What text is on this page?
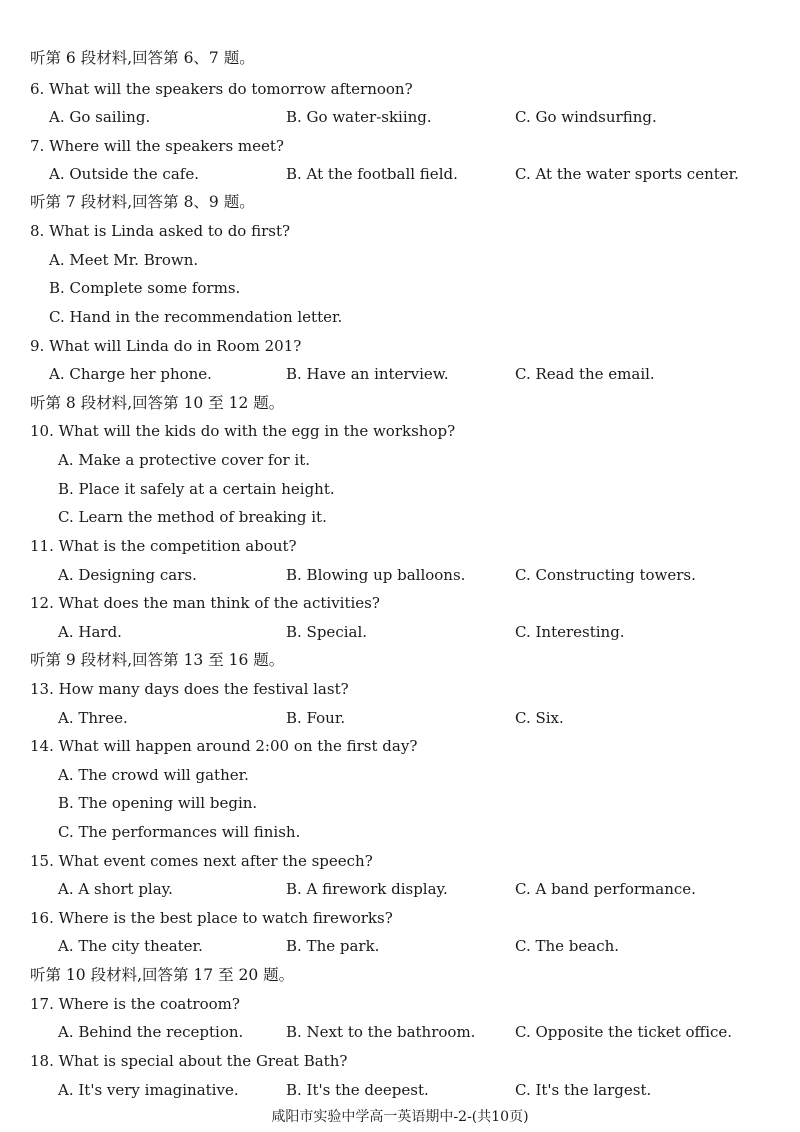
听第 6 段材料,回答第 6、7 题。
6. What will the speakers do tomorrow afternoon?
A. Go sailing.	B. Go water-skiing.	C. Go windsurfing.
7. Where will the speakers meet?
A. Outside the cafe.	B. At the football field.	C. At the water sports center.
听第 7 段材料,回答第 8、9 题。
8. What is Linda asked to do first?
A. Meet Mr. Brown.
B. Complete some forms.
C. Hand in the recommendation letter.
9. What will Linda do in Room 201?
A. Charge her phone.	B. Have an interview.	C. Read the email.
听第 8 段材料,回答第 10 至 12 题。
10. What will the kids do with the egg in the workshop?
A. Make a protective cover for it.
B. Place it safely at a certain height.
C. Learn the method of breaking it.
11. What is the competition about?
A. Designing cars.	B. Blowing up balloons.	C. Constructing towers.
12. What does the man think of the activities?
A. Hard.	B. Special.	C. Interesting.
听第 9 段材料,回答第 13 至 16 题。
13. How many days does the festival last?
A. Three.	B. Four.	C. Six.
14. What will happen around 2:00 on the first day?
A. The crowd will gather.
B. The opening will begin.
C. The performances will finish.
15. What event comes next after the speech?
A. A short play.	B. A firework display.	C. A band performance.
16. Where is the best place to watch fireworks?
A. The city theater.	B. The park.	C. The beach.
听第 10 段材料,回答第 17 至 20 题。
17. Where is the coatroom?
A. Behind the reception.	B. Next to the bathroom.	C. Opposite the ticket office.
18. What is special about the Great Bath?
A. It's very imaginative.	B. It's the deepest.	C. It's the largest.
咸阳市实验中学高一英语期中-2-(共10页)
